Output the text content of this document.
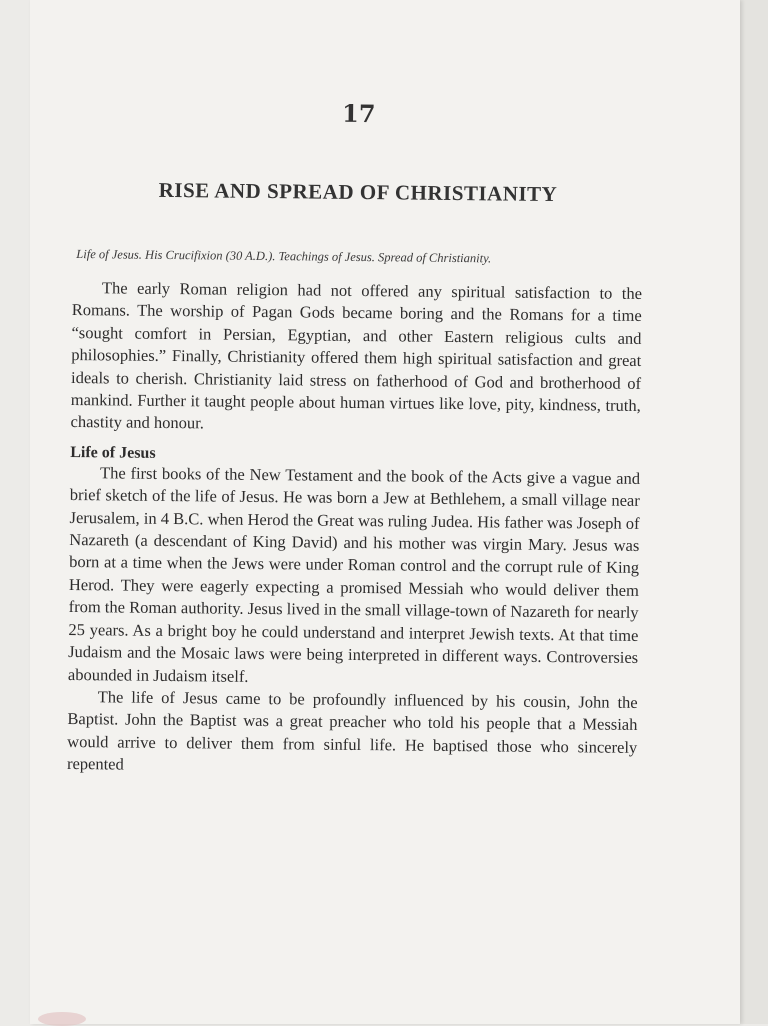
17
RISE AND SPREAD OF CHRISTIANITY
Life of Jesus. His Crucifixion (30 A.D.). Teachings of Jesus. Spread of Christianity.

The early Roman religion had not offered any spiritual satisfaction to the Romans. The worship of Pagan Gods became boring and the Romans for a time “sought comfort in Persian, Egyptian, and other Eastern religious cults and philosophies.” Finally, Christianity offered them high spiritual satisfaction and great ideals to cherish. Christianity laid stress on fatherhood of God and brotherhood of mankind. Further it taught people about human virtues like love, pity, kindness, truth, chastity and honour.

Life of Jesus

The first books of the New Testament and the book of the Acts give a vague and brief sketch of the life of Jesus. He was born a Jew at Bethlehem, a small village near Jerusalem, in 4 B.C. when Herod the Great was ruling Judea. His father was Joseph of Nazareth (a descendant of King David) and his mother was virgin Mary. Jesus was born at a time when the Jews were under Roman control and the corrupt rule of King Herod. They were eagerly expecting a promised Messiah who would deliver them from the Roman authority. Jesus lived in the small village-town of Nazareth for nearly 25 years. As a bright boy he could understand and interpret Jewish texts. At that time Judaism and the Mosaic laws were being interpreted in different ways. Controversies abounded in Judaism itself.

The life of Jesus came to be profoundly influenced by his cousin, John the Baptist. John the Baptist was a great preacher who told his people that a Messiah would arrive to deliver them from sinful life. He baptised those who sincerely repented
